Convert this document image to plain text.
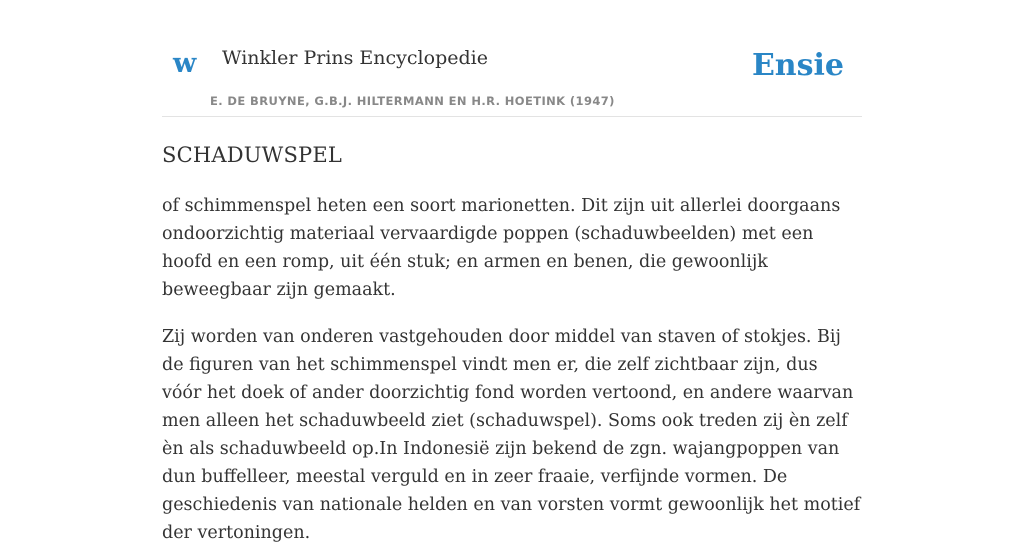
w Winkler Prins Encyclopedie
E. DE BRUYNE, G.B.J. HILTERMANN EN H.R. HOETINK (1947)
Ensie
SCHADUWSPEL

of schimmenspel heten een soort marionetten. Dit zijn uit allerlei doorgaans ondoorzichtig materiaal vervaardigde poppen (schaduwbeelden) met een hoofd en een romp, uit één stuk; en armen en benen, die gewoonlijk beweegbaar zijn gemaakt.

Zij worden van onderen vastgehouden door middel van staven of stokjes. Bij de figuren van het schimmenspel vindt men er, die zelf zichtbaar zijn, dus vóór het doek of ander doorzichtig fond worden vertoond, en andere waarvan men alleen het schaduwbeeld ziet (schaduwspel). Soms ook treden zij èn zelf èn als schaduwbeeld op.In Indonesië zijn bekend de zgn. wajangpoppen van dun buffelleer, meestal verguld en in zeer fraaie, verfijnde vormen. De geschiedenis van nationale helden en van vorsten vormt gewoonlijk het motief der vertoningen.
